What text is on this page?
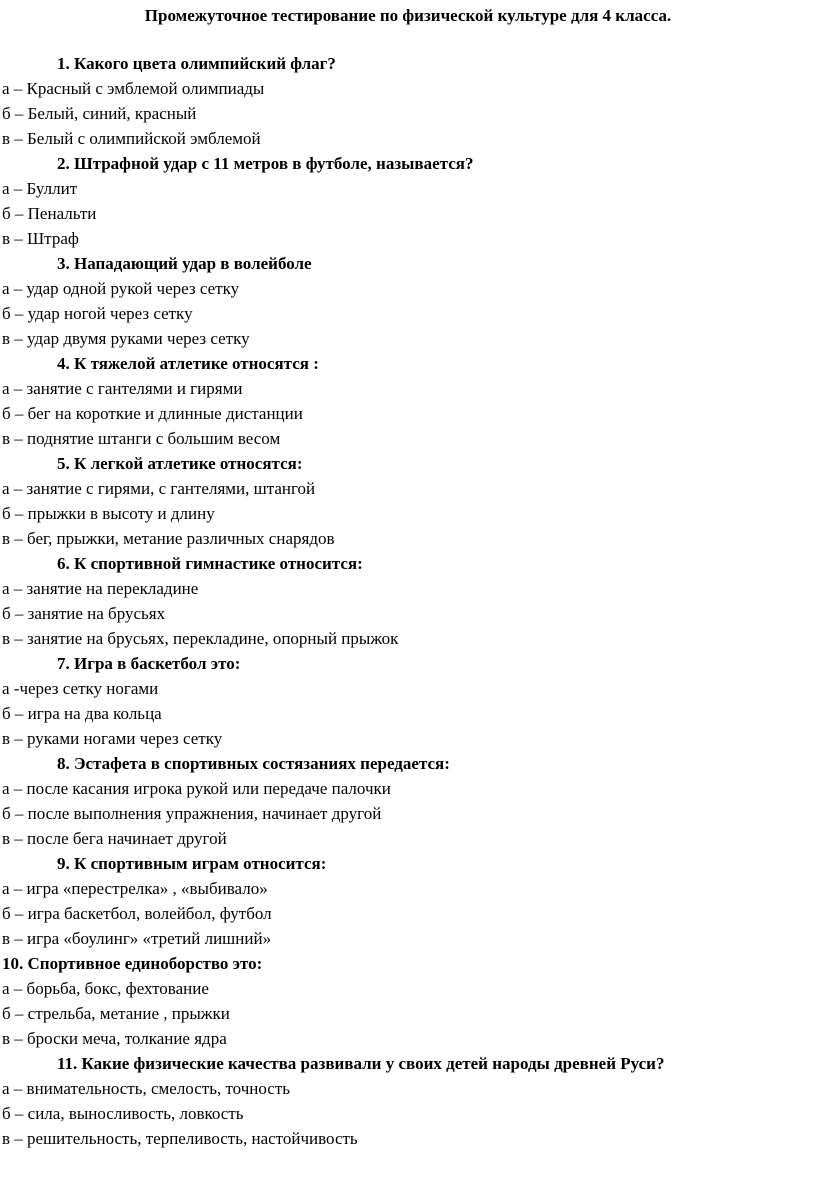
Промежуточное тестирование по физической культуре для 4 класса.
1. Какого цвета олимпийский флаг?
а – Красный с эмблемой олимпиады
б – Белый, синий, красный
в – Белый с олимпийской эмблемой
2. Штрафной удар с 11 метров в футболе, называется?
а – Буллит
б – Пенальти
в – Штраф
3. Нападающий удар в волейболе
а – удар одной рукой через сетку
б – удар ногой через сетку
в – удар двумя руками через сетку
4. К тяжелой атлетике относятся :
а – занятие с гантелями и гирями
б – бег на короткие и длинные дистанции
в – поднятие штанги с большим весом
5. К легкой атлетике относятся:
а – занятие с гирями, с гантелями, штангой
б – прыжки в высоту и длину
в – бег, прыжки, метание различных снарядов
6. К спортивной гимнастике относится:
а – занятие на перекладине
б – занятие на брусьях
в – занятие на брусьях, перекладине, опорный прыжок
7. Игра в баскетбол это:
а -через сетку ногами
б – игра на два кольца
в – руками ногами через сетку
8. Эстафета в спортивных состязаниях передается:
а – после касания игрока рукой или передаче палочки
б – после выполнения упражнения, начинает другой
в – после бега начинает другой
9. К спортивным играм относится:
а – игра «перестрелка» , «выбивало»
б – игра баскетбол, волейбол, футбол
в – игра «боулинг» «третий лишний»
10. Спортивное единоборство это:
а – борьба, бокс, фехтование
б – стрельба, метание , прыжки
в – броски меча, толкание ядра
11. Какие физические качества развивали у своих детей народы древней Руси?
а – внимательность, смелость, точность
б – сила, выносливость, ловкость
в – решительность, терпеливость, настойчивость
